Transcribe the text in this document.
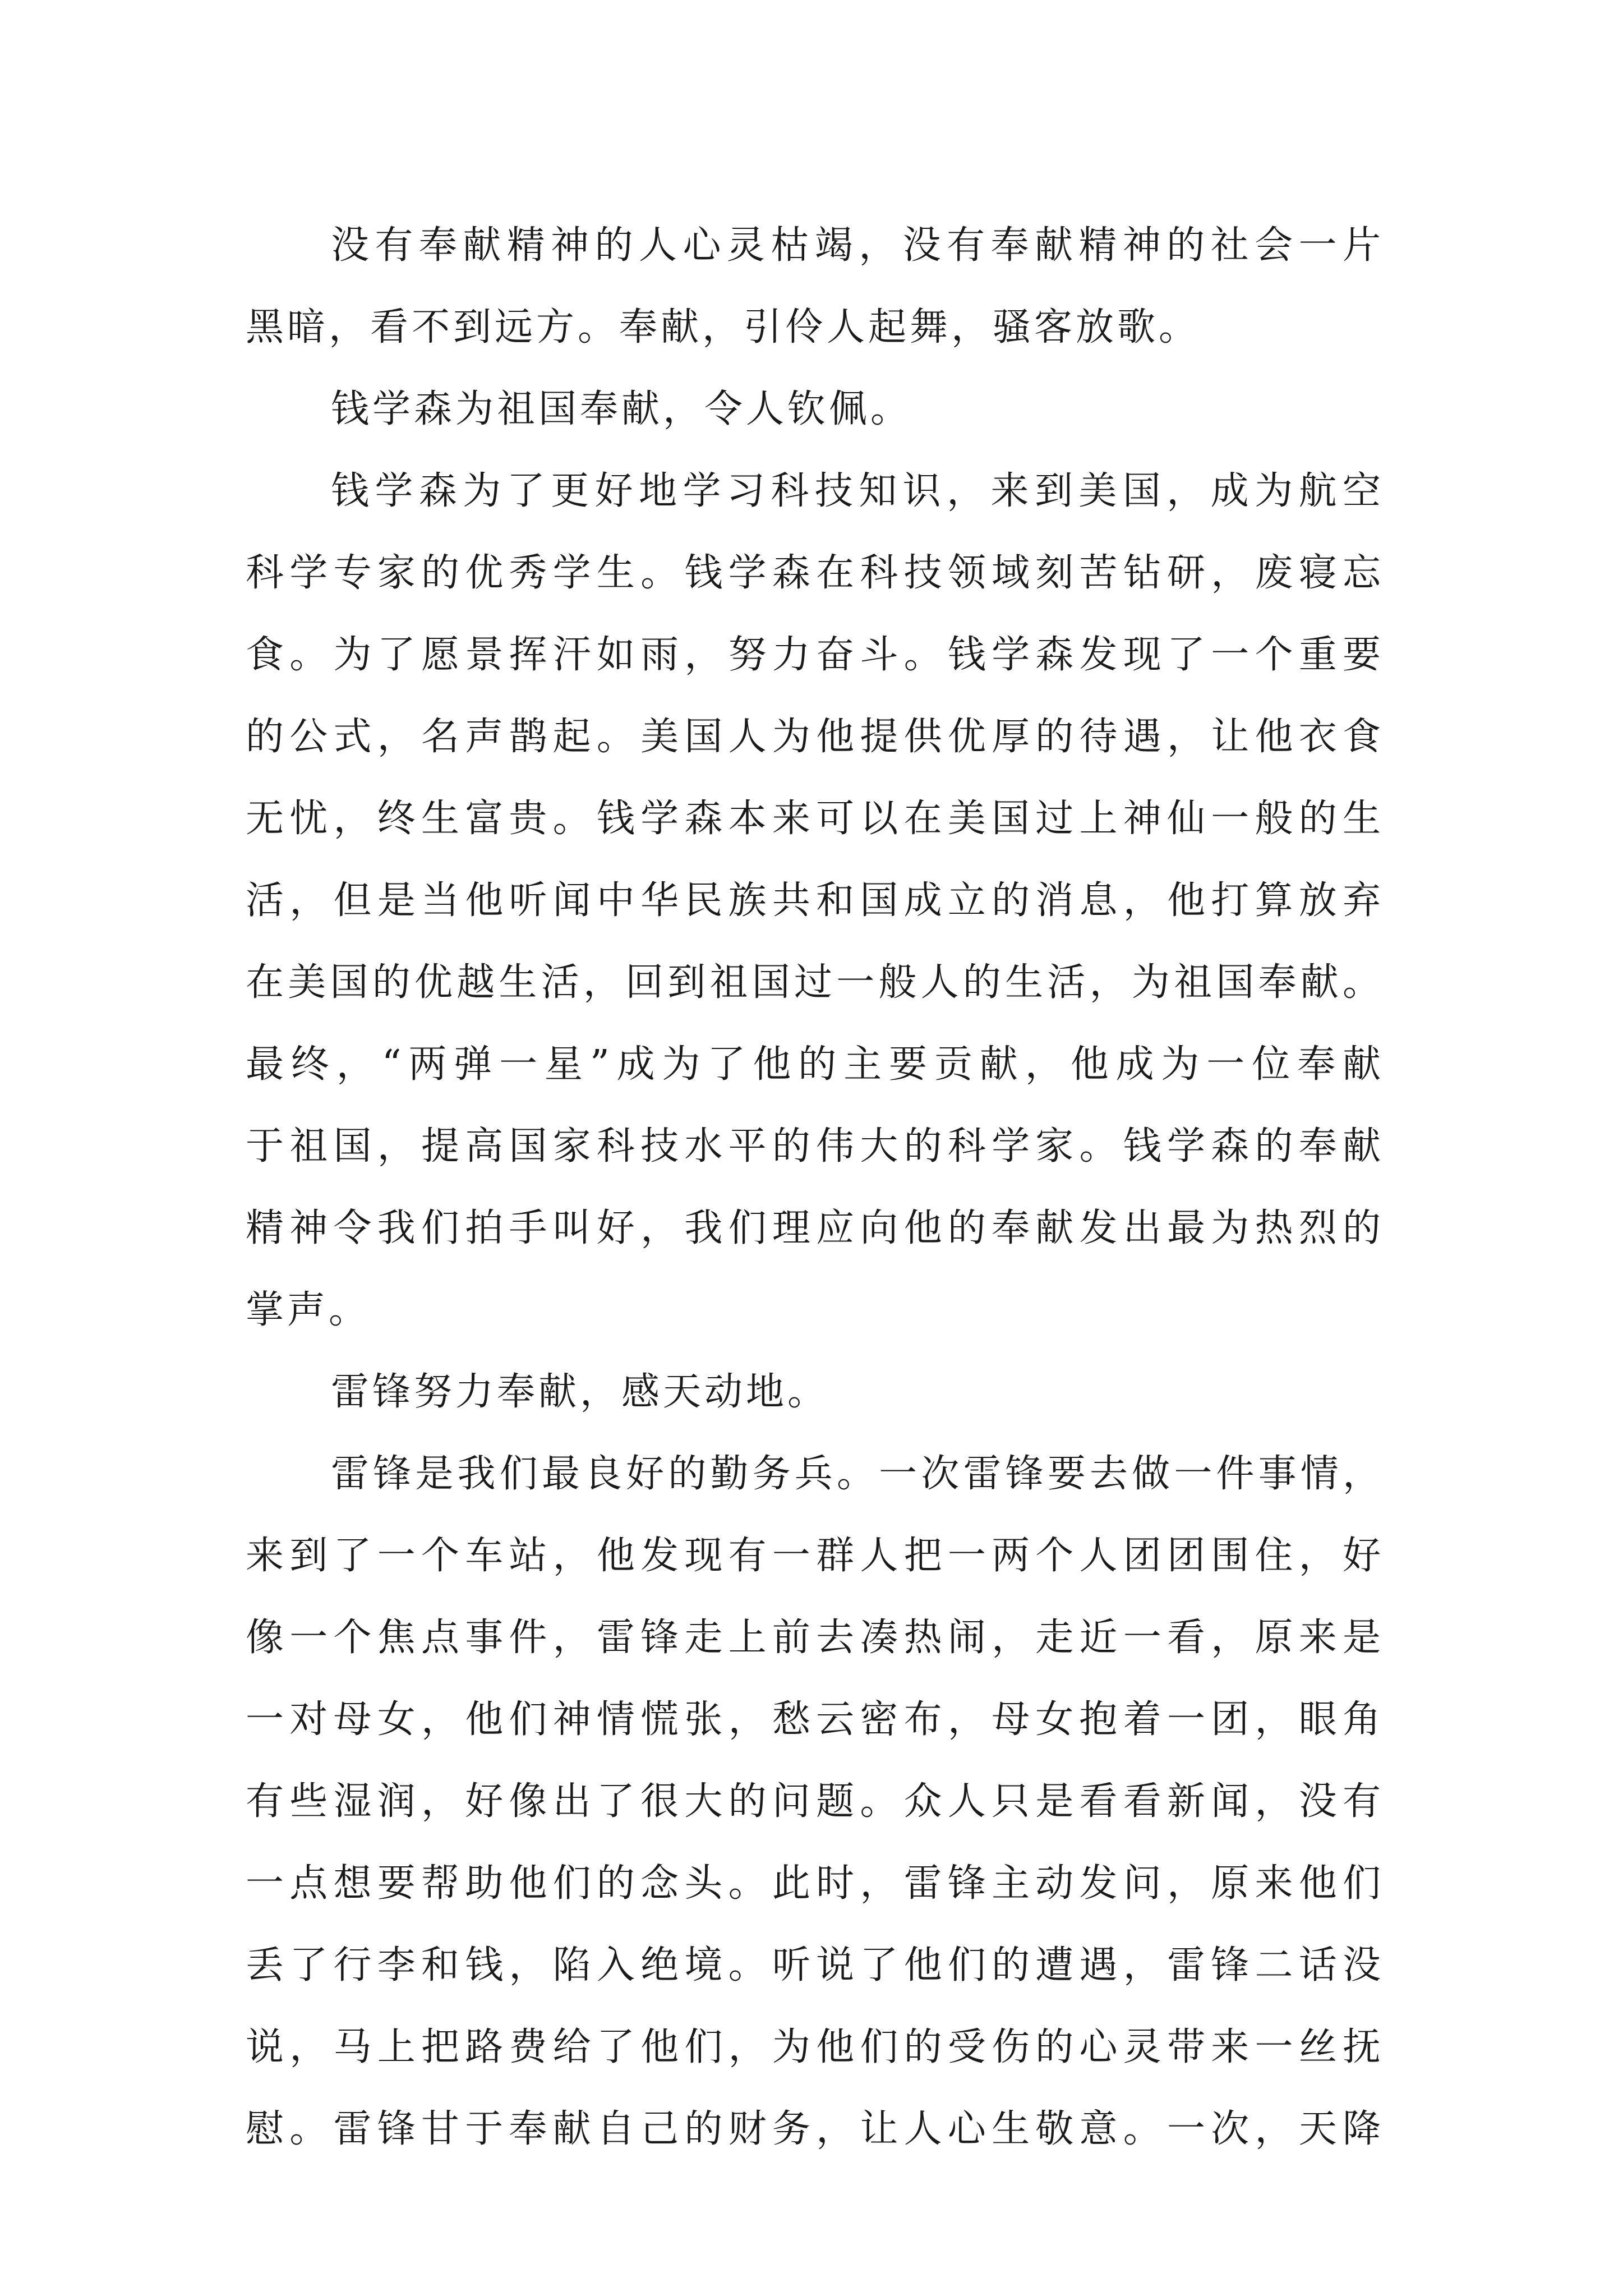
没有奉献精神的人心灵枯竭，没有奉献精神的社会一片
黑暗，看不到远方。奉献，引伶人起舞，骚客放歌。
钱学森为祖国奉献，令人钦佩。
钱学森为了更好地学习科技知识，来到美国，成为航空
科学专家的优秀学生。钱学森在科技领域刻苦钻研，废寝忘
食。为了愿景挥汗如雨，努力奋斗。钱学森发现了一个重要
的公式，名声鹊起。美国人为他提供优厚的待遇，让他衣食
无忧，终生富贵。钱学森本来可以在美国过上神仙一般的生
活，但是当他听闻中华民族共和国成立的消息，他打算放弃
在美国的优越生活，回到祖国过一般人的生活，为祖国奉献。
最终，“两弹一星”成为了他的主要贡献，他成为一位奉献
于祖国，提高国家科技水平的伟大的科学家。钱学森的奉献
精神令我们拍手叫好，我们理应向他的奉献发出最为热烈的
掌声。
雷锋努力奉献，感天动地。
雷锋是我们最良好的勤务兵。一次雷锋要去做一件事情，
来到了一个车站，他发现有一群人把一两个人团团围住，好
像一个焦点事件，雷锋走上前去凑热闹，走近一看，原来是
一对母女，他们神情慌张，愁云密布，母女抱着一团，眼角
有些湿润，好像出了很大的问题。众人只是看看新闻，没有
一点想要帮助他们的念头。此时，雷锋主动发问，原来他们
丢了行李和钱，陷入绝境。听说了他们的遭遇，雷锋二话没
说，马上把路费给了他们，为他们的受伤的心灵带来一丝抚
慰。雷锋甘于奉献自己的财务，让人心生敬意。一次，天降
